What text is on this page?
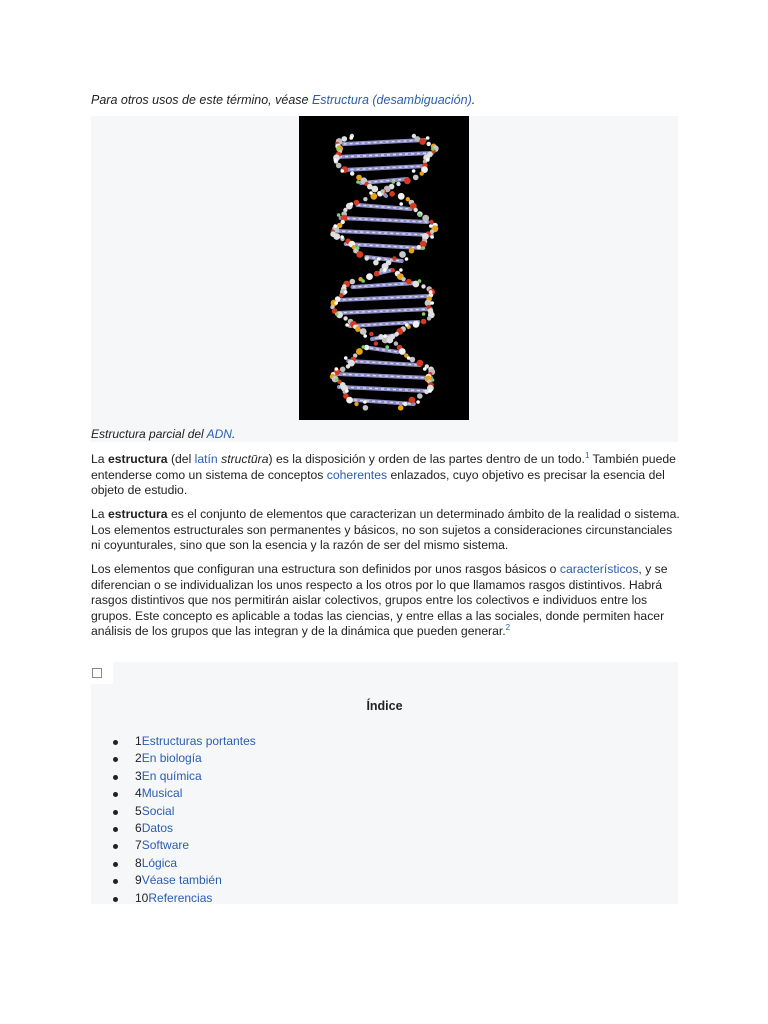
Para otros usos de este término, véase Estructura (desambiguación).
Estructura parcial del ADN.

La estructura (del latín structūra) es la disposición y orden de las partes dentro de un todo.$^1$ También puede entenderse como un sistema de conceptos coherentes enlazados, cuyo objetivo es precisar la esencia del objeto de estudio.

La estructura es el conjunto de elementos que caracterizan un determinado ámbito de la realidad o sistema. Los elementos estructurales son permanentes y básicos, no son sujetos a consideraciones circunstanciales ni coyunturales, sino que son la esencia y la razón de ser del mismo sistema.

Los elementos que configuran una estructura son definidos por unos rasgos básicos o característicos, y se diferencian o se individualizan los unos respecto a los otros por lo que llamamos rasgos distintivos. Habrá rasgos distintivos que nos permitirán aislar colectivos, grupos entre los colectivos e individuos entre los grupos. Este concepto es aplicable a todas las ciencias, y entre ellas a las sociales, donde permiten hacer análisis de los grupos que las integran y de la dinámica que pueden generar.$^2$

Índice
1Estructuras portantes
2En biología
3En química
4Musical
5Social
6Datos
7Software
8Lógica
9Véase también
10Referencias
